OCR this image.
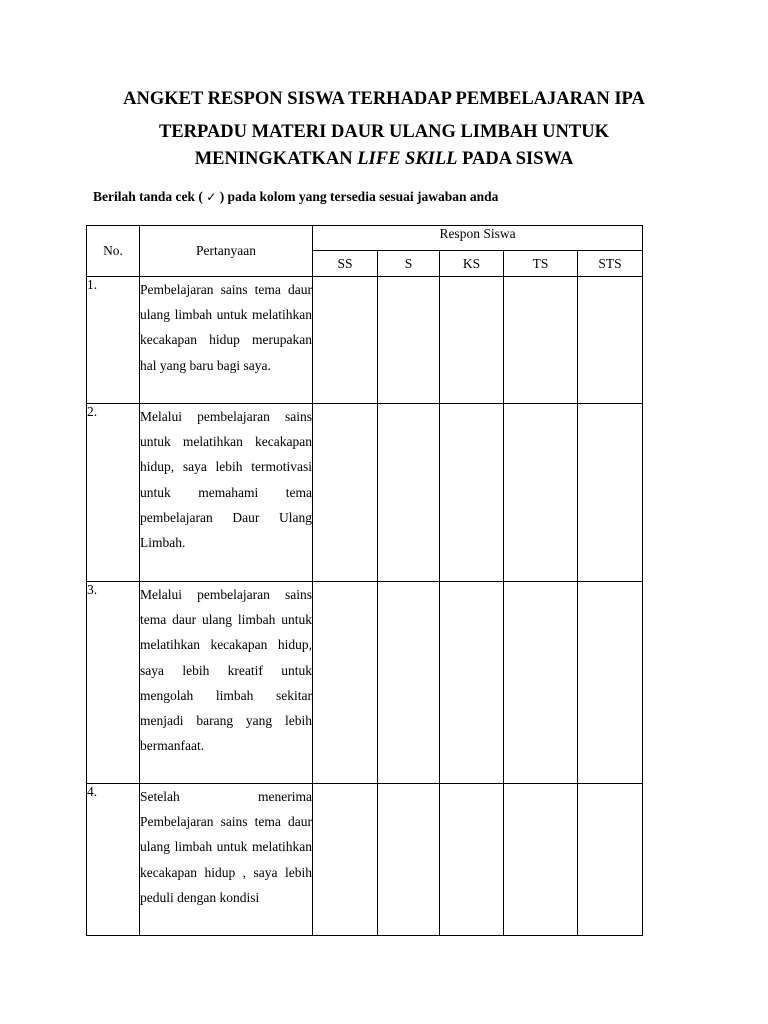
ANGKET RESPON SISWA TERHADAP PEMBELAJARAN IPA
TERPADU MATERI DAUR ULANG LIMBAH UNTUK
MENINGKATKAN LIFE SKILL PADA SISWA
Berilah tanda cek ( ✓ ) pada kolom yang tersedia sesuai jawaban anda
No.	Pertanyaan	Respon Siswa				
		SS	S	KS	TS	STS
1.	Pembelajaran sains tema daur ulang limbah untuk melatihkan kecakapan hidup merupakan hal yang baru bagi saya.					

2.	Melalui pembelajaran sains untuk melatihkan kecakapan hidup, saya lebih termotivasi untuk memahami tema pembelajaran Daur Ulang Limbah.					

3.	Melalui pembelajaran sains tema daur ulang limbah untuk melatihkan kecakapan hidup, saya lebih kreatif untuk mengolah limbah sekitar menjadi barang yang lebih bermanfaat.					

4.	Setelah menerima Pembelajaran sains tema daur ulang limbah untuk melatihkan kecakapan hidup , saya lebih peduli dengan kondisi					
